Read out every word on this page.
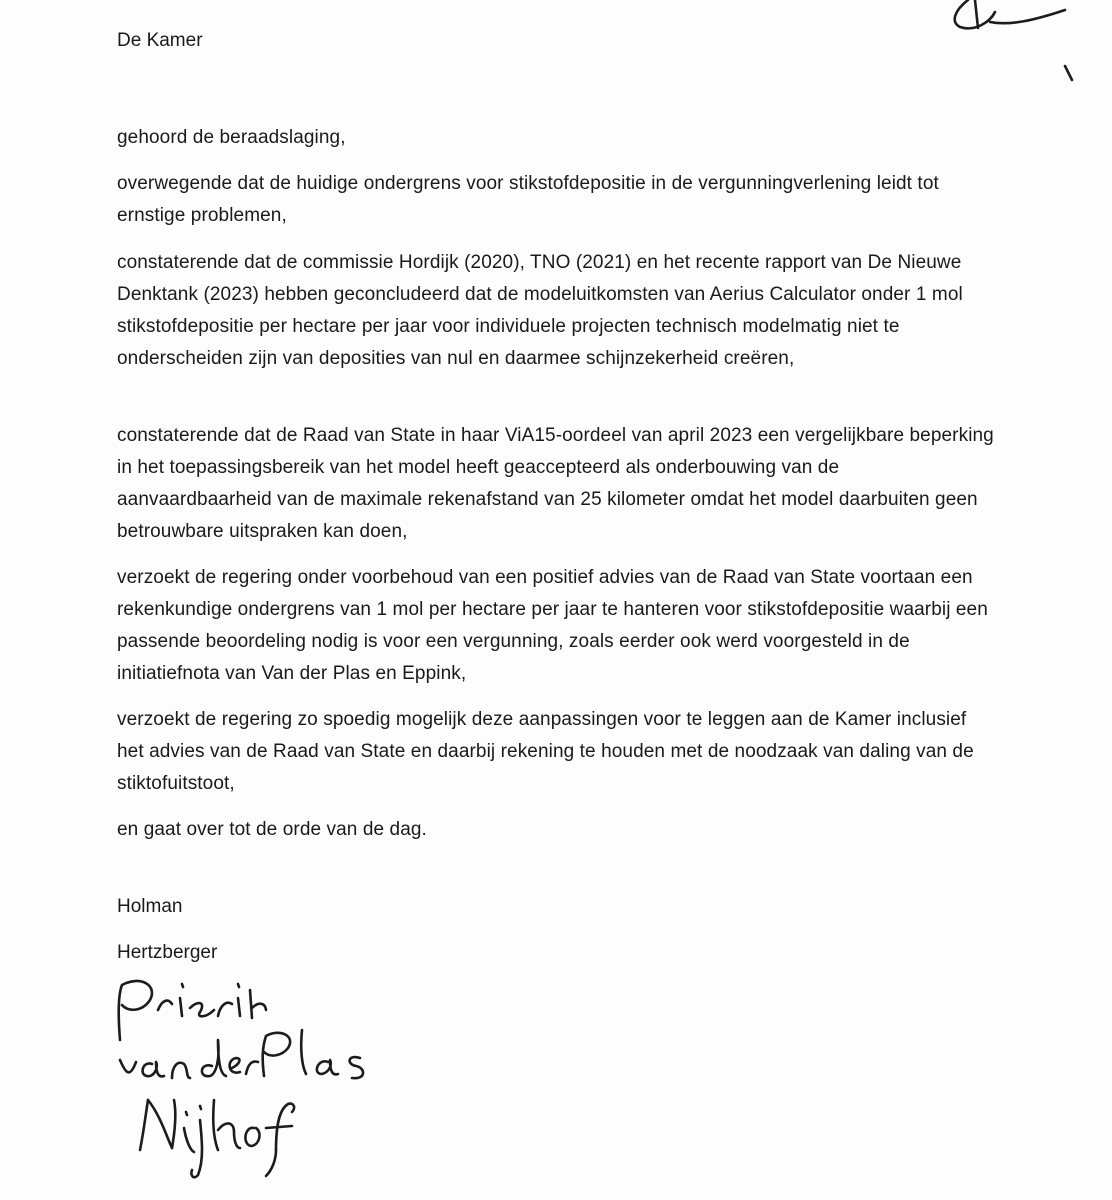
De Kamer

gehoord de beraadslaging,

overwegende dat de huidige ondergrens voor stikstofdepositie in de vergunningverlening leidt tot ernstige problemen,

constaterende dat de commissie Hordijk (2020), TNO (2021) en het recente rapport van De Nieuwe Denktank (2023) hebben geconcludeerd dat de modeluitkomsten van Aerius Calculator onder 1 mol stikstofdepositie per hectare per jaar voor individuele projecten technisch modelmatig niet te onderscheiden zijn van deposities van nul en daarmee schijnzekerheid creëren,

constaterende dat de Raad van State in haar ViA15-oordeel van april 2023 een vergelijkbare beperking in het toepassingsbereik van het model heeft geaccepteerd als onderbouwing van de aanvaardbaarheid van de maximale rekenafstand van 25 kilometer omdat het model daarbuiten geen betrouwbare uitspraken kan doen,

verzoekt de regering onder voorbehoud van een positief advies van de Raad van State voortaan een rekenkundige ondergrens van 1 mol per hectare per jaar te hanteren voor stikstofdepositie waarbij een passende beoordeling nodig is voor een vergunning, zoals eerder ook werd voorgesteld in de initiatiefnota van Van der Plas en Eppink,

verzoekt de regering zo spoedig mogelijk deze aanpassingen voor te leggen aan de Kamer inclusief het advies van de Raad van State en daarbij rekening te houden met de noodzaak van daling van de stiktofuitstoot,

en gaat over tot de orde van de dag.

Holman
Hertzberger
